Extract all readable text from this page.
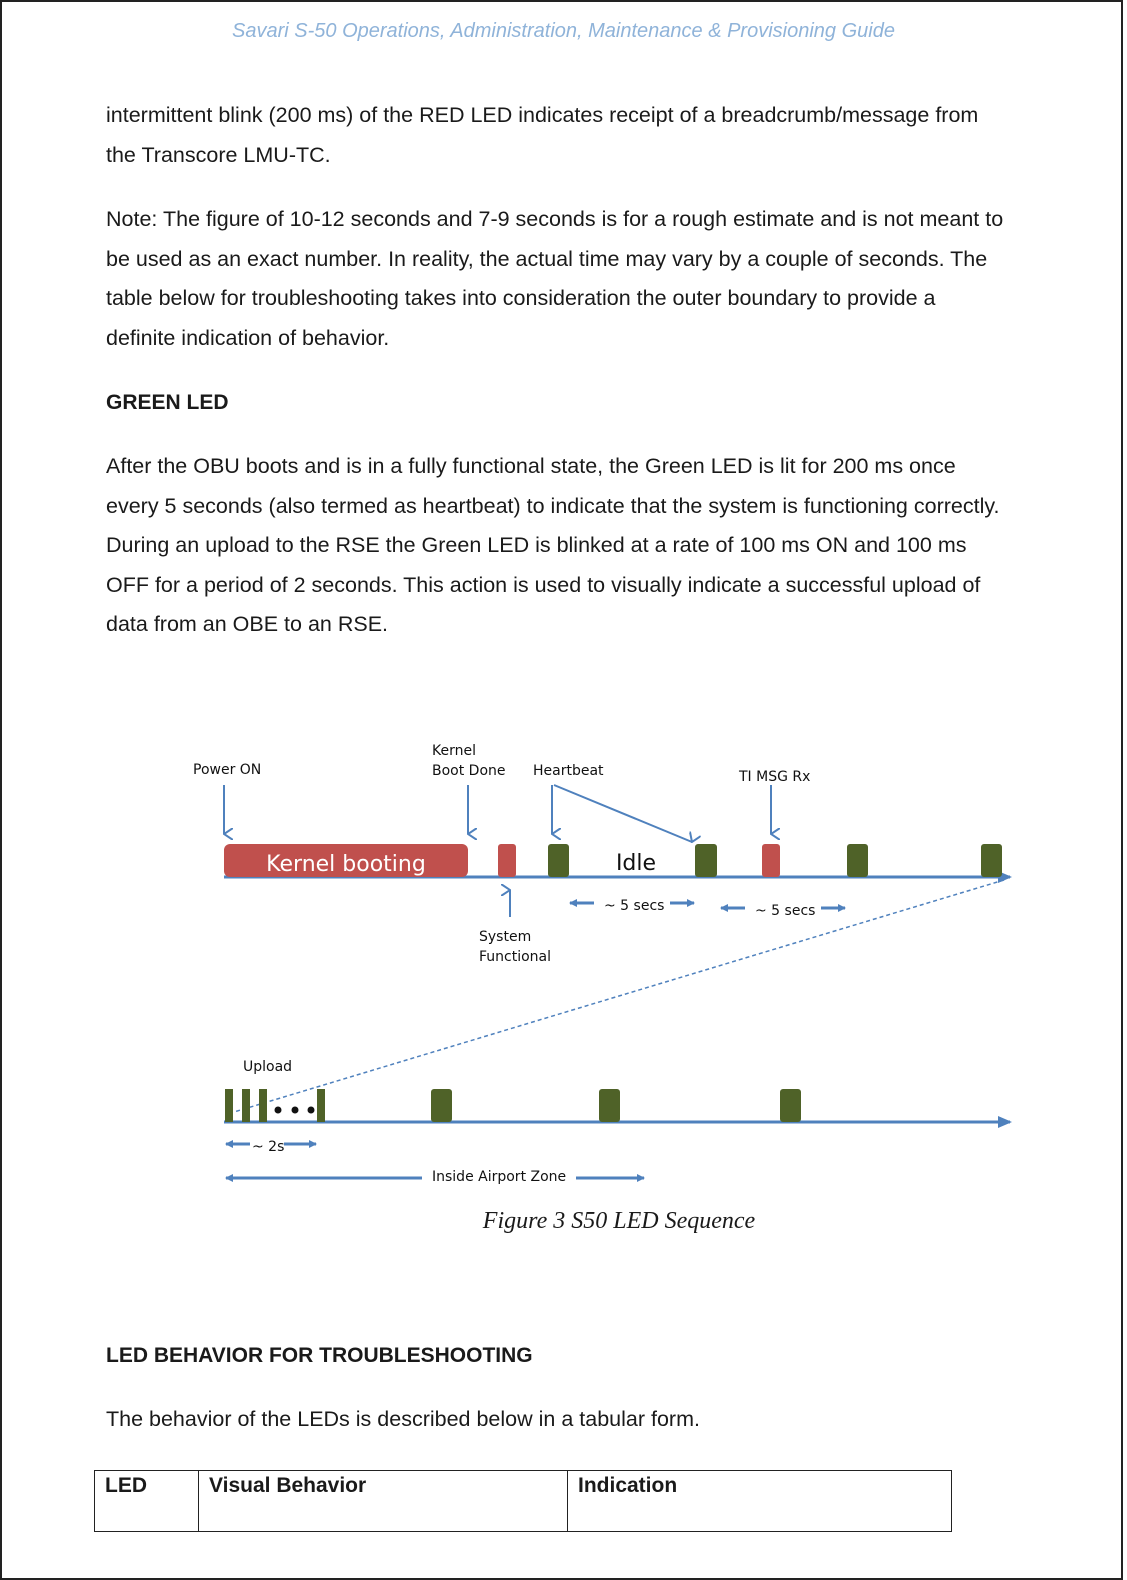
Savari S-50 Operations, Administration, Maintenance & Provisioning Guide
intermittent blink (200 ms) of the RED LED indicates receipt of a breadcrumb/message from
the Transcore LMU-TC.
Note: The figure of 10-12 seconds and 7-9 seconds is for a rough estimate and is not meant to
be used as an exact number. In reality, the actual time may vary by a couple of seconds. The
table below for troubleshooting takes into consideration the outer boundary to provide a
definite indication of behavior.
GREEN LED
After the OBU boots and is in a fully functional state, the Green LED is lit for 200 ms once
every 5 seconds (also termed as heartbeat) to indicate that the system is functioning correctly.
During an upload to the RSE the Green LED is blinked at a rate of 100 ms ON and 100 ms
OFF for a period of 2 seconds. This action is used to visually indicate a successful upload of
data from an OBE to an RSE.
Kernel booting	Idle
Power ON
Kernel
Boot Done Heartbeat	TI MSG Rx
System
Functional
~ 5 secs	~ 5 secs
Upload
~ 2s
Inside Airport Zone
Figure 3 S50 LED Sequence
LED BEHAVIOR FOR TROUBLESHOOTING
The behavior of the LEDs is described below in a tabular form.
LED	Visual Behavior	Indication
